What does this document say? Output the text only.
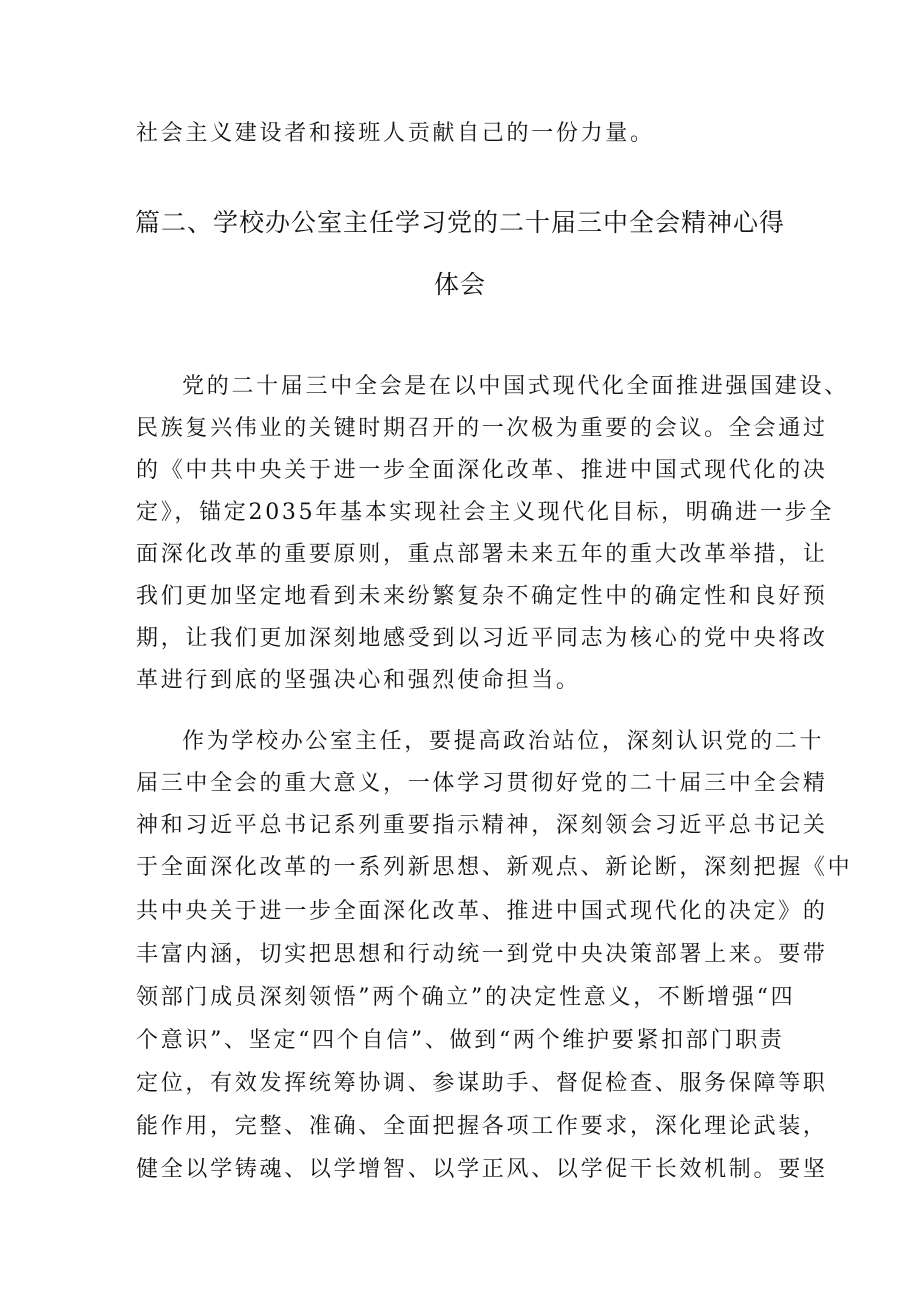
社会主义建设者和接班人贡献自己的一份力量。
篇二、学校办公室主任学习党的二十届三中全会精神心得
体会
党的二十届三中全会是在以中国式现代化全面推进强国建设、
民族复兴伟业的关键时期召开的一次极为重要的会议。全会通过
的《中共中央关于进一步全面深化改革、推进中国式现代化的决
定》，锚定2035年基本实现社会主义现代化目标，明确进一步全
面深化改革的重要原则，重点部署未来五年的重大改革举措，让
我们更加坚定地看到未来纷繁复杂不确定性中的确定性和良好预
期，让我们更加深刻地感受到以习近平同志为核心的党中央将改
革进行到底的坚强决心和强烈使命担当。
作为学校办公室主任，要提高政治站位，深刻认识党的二十
届三中全会的重大意义，一体学习贯彻好党的二十届三中全会精
神和习近平总书记系列重要指示精神，深刻领会习近平总书记关
于全面深化改革的一系列新思想、新观点、新论断，深刻把握《中
共中央关于进一步全面深化改革、推进中国式现代化的决定》的
丰富内涵，切实把思想和行动统一到党中央决策部署上来。要带
领部门成员深刻领悟”两个确立”的决定性意义，不断增强“四
个意识”、坚定“四个自信”、做到“两个维护要紧扣部门职责
定位，有效发挥统筹协调、参谋助手、督促检查、服务保障等职
能作用，完整、准确、全面把握各项工作要求，深化理论武装，
健全以学铸魂、以学增智、以学正风、以学促干长效机制。要坚
